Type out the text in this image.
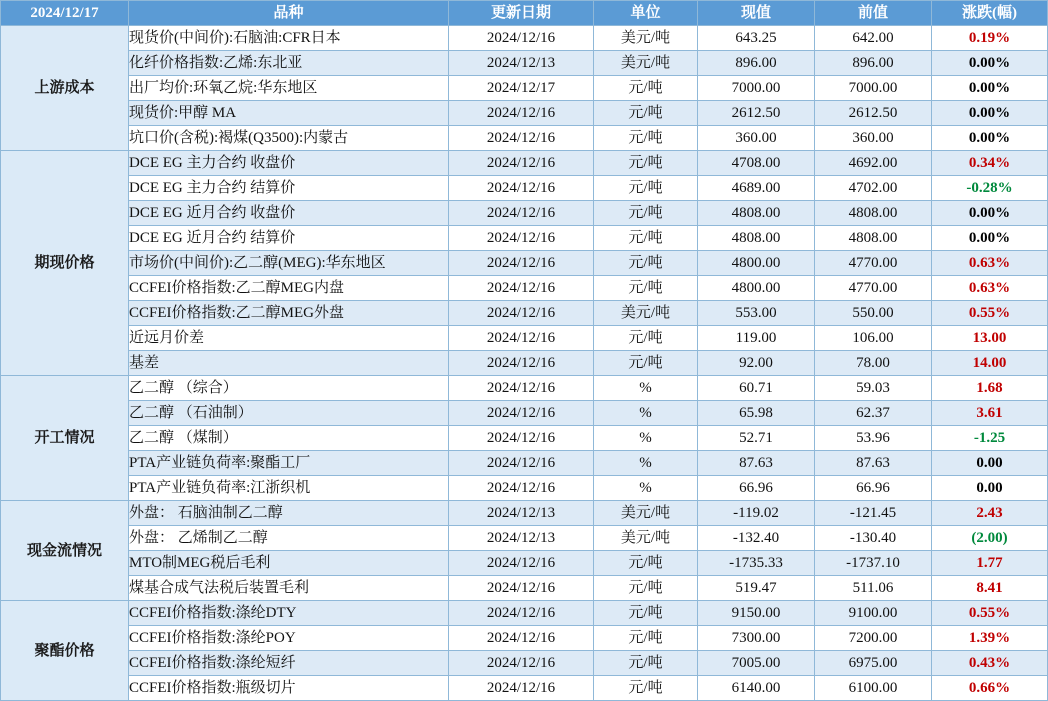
2024/12/17	品种	更新日期	单位	现值	前值	涨跌(幅)
上游成本	现货价(中间价):石脑油:CFR日本	2024/12/16	美元/吨	643.25	642.00	0.19%
	化纤价格指数:乙烯:东北亚	2024/12/13	美元/吨	896.00	896.00	0.00%
	出厂均价:环氧乙烷:华东地区	2024/12/17	元/吨	7000.00	7000.00	0.00%
	现货价:甲醇 MA	2024/12/16	元/吨	2612.50	2612.50	0.00%
	坑口价(含税):褐煤(Q3500):内蒙古	2024/12/16	元/吨	360.00	360.00	0.00%
期现价格	DCE EG 主力合约 收盘价	2024/12/16	元/吨	4708.00	4692.00	0.34%
	DCE EG 主力合约 结算价	2024/12/16	元/吨	4689.00	4702.00	-0.28%
	DCE EG 近月合约 收盘价	2024/12/16	元/吨	4808.00	4808.00	0.00%
	DCE EG 近月合约 结算价	2024/12/16	元/吨	4808.00	4808.00	0.00%
	市场价(中间价):乙二醇(MEG):华东地区	2024/12/16	元/吨	4800.00	4770.00	0.63%
	CCFEI价格指数:乙二醇MEG内盘	2024/12/16	元/吨	4800.00	4770.00	0.63%
	CCFEI价格指数:乙二醇MEG外盘	2024/12/16	美元/吨	553.00	550.00	0.55%
	近远月价差	2024/12/16	元/吨	119.00	106.00	13.00
	基差	2024/12/16	元/吨	92.00	78.00	14.00
开工情况	乙二醇 （综合）	2024/12/16	%	60.71	59.03	1.68
	乙二醇 （石油制）	2024/12/16	%	65.98	62.37	3.61
	乙二醇 （煤制）	2024/12/16	%	52.71	53.96	-1.25
	PTA产业链负荷率:聚酯工厂	2024/12/16	%	87.63	87.63	0.00
	PTA产业链负荷率:江浙织机	2024/12/16	%	66.96	66.96	0.00
现金流情况	外盘： 石脑油制乙二醇	2024/12/13	美元/吨	-119.02	-121.45	2.43
	外盘： 乙烯制乙二醇	2024/12/13	美元/吨	-132.40	-130.40	(2.00)
	MTO制MEG税后毛利	2024/12/16	元/吨	-1735.33	-1737.10	1.77
	煤基合成气法税后装置毛利	2024/12/16	元/吨	519.47	511.06	8.41
聚酯价格	CCFEI价格指数:涤纶DTY	2024/12/16	元/吨	9150.00	9100.00	0.55%
	CCFEI价格指数:涤纶POY	2024/12/16	元/吨	7300.00	7200.00	1.39%
	CCFEI价格指数:涤纶短纤	2024/12/16	元/吨	7005.00	6975.00	0.43%
	CCFEI价格指数:瓶级切片	2024/12/16	元/吨	6140.00	6100.00	0.66%
